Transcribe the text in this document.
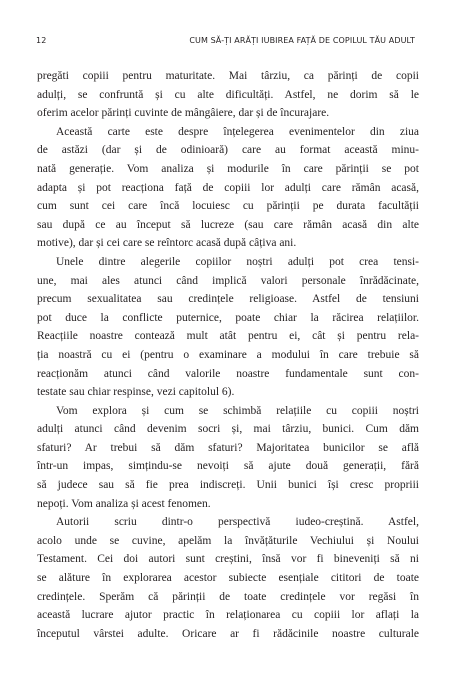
12	CUM SĂ-ȚI ARĂȚI IUBIREA FAȚĂ DE COPILUL TĂU ADULT

pregăti copiii pentru maturitate. Mai târziu, ca părinți de copii

adulți, se confruntă și cu alte dificultăți. Astfel, ne dorim să le

oferim acelor părinți cuvinte de mângâiere, dar și de încurajare.

Această carte este despre înțelegerea evenimentelor din ziua

de astăzi (dar și de odinioară) care au format această minu-

nată generație. Vom analiza și modurile în care părinții se pot

adapta și pot reacționa față de copiii lor adulți care rămân acasă,

cum sunt cei care încă locuiesc cu părinții pe durata facultății

sau după ce au început să lucreze (sau care rămân acasă din alte

motive), dar și cei care se reîntorc acasă după câțiva ani.

Unele dintre alegerile copiilor noștri adulți pot crea tensi-

une, mai ales atunci când implică valori personale înrădăcinate,

precum sexualitatea sau credințele religioase. Astfel de tensiuni

pot duce la conflicte puternice, poate chiar la răcirea relațiilor.

Reacțiile noastre contează mult atât pentru ei, cât și pentru rela-

ția noastră cu ei (pentru o examinare a modului în care trebuie să

reacționăm atunci când valorile noastre fundamentale sunt con-

testate sau chiar respinse, vezi capitolul 6).

Vom explora și cum se schimbă relațiile cu copiii noștri

adulți atunci când devenim socri și, mai târziu, bunici. Cum dăm

sfaturi? Ar trebui să dăm sfaturi? Majoritatea bunicilor se află

într-un impas, simțindu-se nevoiți să ajute două generații, fără

să judece sau să fie prea indiscreți. Unii bunici își cresc propriii

nepoți. Vom analiza și acest fenomen.

Autorii scriu dintr-o perspectivă iudeo-creștină. Astfel,

acolo unde se cuvine, apelăm la învățăturile Vechiului și Noului

Testament. Cei doi autori sunt creștini, însă vor fi bineveniți să ni

se alăture în explorarea acestor subiecte esențiale cititori de toate

credințele. Sperăm că părinții de toate credințele vor regăsi în

această lucrare ajutor practic în relaționarea cu copiii lor aflați la

începutul vârstei adulte. Oricare ar fi rădăcinile noastre culturale
